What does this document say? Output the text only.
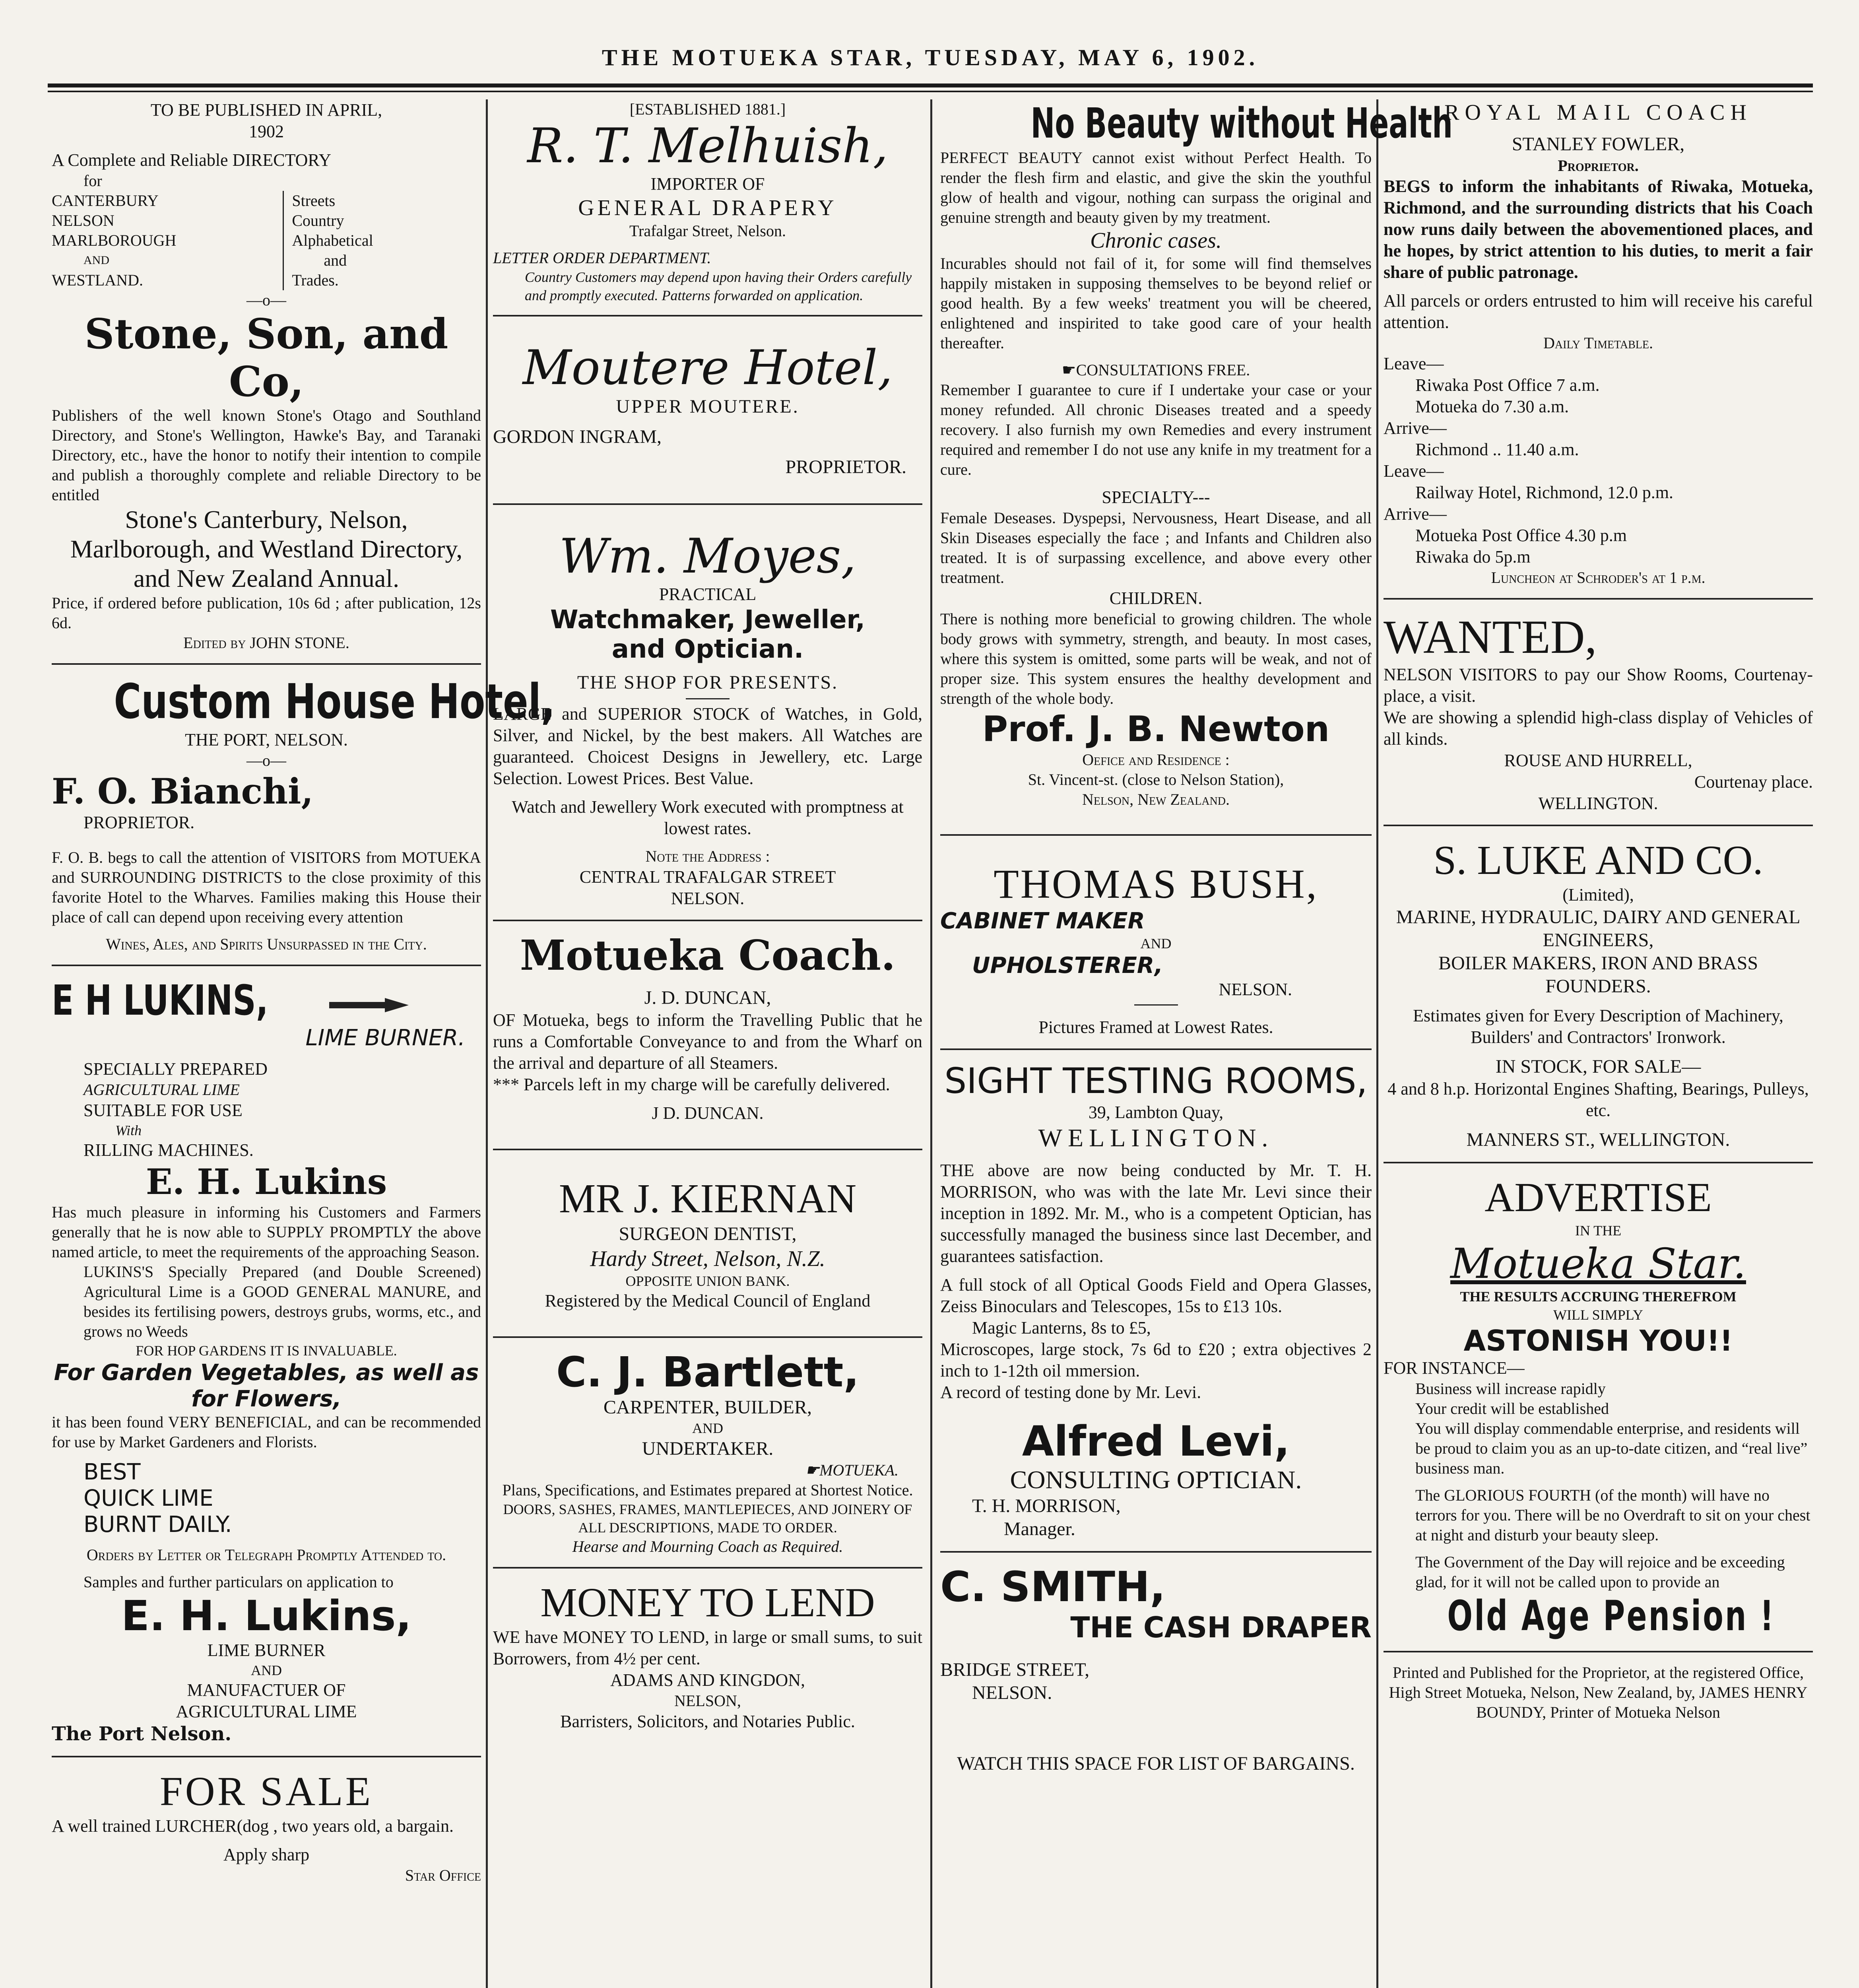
THE MOTUEKA STAR, TUESDAY, MAY 6, 1902.

TO BE PUBLISHED IN APRIL,

1902

A Complete and Reliable DIRECTORY

for

CANTERBURY

NELSON

MARLBOROUGH

AND

WESTLAND.

Streets

Country

Alphabetical

and

Trades.

—o—

Stone, Son, and Co,

Publishers of the well known Stone's Otago and Southland Directory, and Stone's Wellington, Hawke's Bay, and Taranaki Directory, etc., have the honor to notify their intention to compile and publish a thoroughly complete and reliable Directory to be entitled

Stone's Canterbury, Nelson, Marlborough, and Westland Directory, and New Zealand Annual.

Price, if ordered before publication, 10s 6d ; after publication, 12s 6d.

Edited by JOHN STONE.

Custom House Hotel,

THE PORT, NELSON.

—o—

F. O. Bianchi,

PROPRIETOR.

F. O. B. begs to call the attention of VISITORS from MOTUEKA and SURROUNDING DISTRICTS to the close proximity of this favorite Hotel to the Wharves. Families making this House their place of call can depend upon receiving every attention

Wines, Ales, and Spirits Unsurpassed in the City.

E H LUKINS,

LIME BURNER.

SPECIALLY PREPARED

AGRICULTURAL LIME

SUITABLE FOR USE

With

RILLING MACHINES.

E. H. Lukins

Has much pleasure in informing his Customers and Farmers generally that he is now able to SUPPLY PROMPTLY the above named article, to meet the requirements of the approaching Season.

LUKINS'S Specially Prepared (and Double Screened) Agricultural Lime is a GOOD GENERAL MANURE, and besides its fertilising powers, destroys grubs, worms, etc., and grows no Weeds

FOR HOP GARDENS IT IS INVALUABLE.

For Garden Vegetables, as well as for Flowers,

it has been found VERY BENEFICIAL, and can be recommended for use by Market Gardeners and Florists.

BEST

QUICK LIME

BURNT DAILY.

Orders by Letter or Telegraph Promptly Attended to.

Samples and further particulars on application to

E. H. Lukins,

LIME BURNER

AND

MANUFACTUER OF

AGRICULTURAL LIME

The Port Nelson.

FOR SALE

A well trained LURCHER(dog , two years old, a bargain.

Apply sharp

Star Office

[ESTABLISHED 1881.]

R. T. Melhuish,

IMPORTER OF

GENERAL DRAPERY

Trafalgar Street, Nelson.

LETTER ORDER DEPARTMENT.

Country Customers may depend upon having their Orders carefully and promptly executed. Patterns forwarded on application.

Moutere Hotel,

UPPER MOUTERE.

GORDON INGRAM,

PROPRIETOR.

Wm. Moyes,

PRACTICAL

Watchmaker, Jeweller,

and Optician.

THE SHOP FOR PRESENTS.

LARGE and SUPERIOR STOCK of Watches, in Gold, Silver, and Nickel, by the best makers. All Watches are guaranteed. Choicest Designs in Jewellery, etc. Large Selection. Lowest Prices. Best Value.

Watch and Jewellery Work executed with promptness at lowest rates.

Note the Address :

CENTRAL TRAFALGAR STREET

NELSON.

Motueka Coach.

J. D. DUNCAN,

OF Motueka, begs to inform the Travelling Public that he runs a Comfortable Conveyance to and from the Wharf on the arrival and departure of all Steamers.

*** Parcels left in my charge will be carefully delivered.

J D. DUNCAN.

MR J. KIERNAN

SURGEON DENTIST,

Hardy Street, Nelson, N.Z.

OPPOSITE UNION BANK.

Registered by the Medical Council of England

C. J. Bartlett,

CARPENTER, BUILDER,

AND

UNDERTAKER.

☛MOTUEKA.

Plans, Specifications, and Estimates prepared at Shortest Notice.

DOORS, SASHES, FRAMES, MANTLEPIECES, AND JOINERY OF ALL DESCRIPTIONS, MADE TO ORDER.

Hearse and Mourning Coach as Required.

MONEY TO LEND

WE have MONEY TO LEND, in large or small sums, to suit Borrowers, from 4½ per cent.

ADAMS AND KINGDON,

NELSON,

Barristers, Solicitors, and Notaries Public.

No Beauty without Health

PERFECT BEAUTY cannot exist without Perfect Health. To render the flesh firm and elastic, and give the skin the youthful glow of health and vigour, nothing can surpass the original and genuine strength and beauty given by my treatment.

Chronic cases.

Incurables should not fail of it, for some will find themselves happily mistaken in supposing themselves to be beyond relief or good health. By a few weeks' treatment you will be cheered, enlightened and inspirited to take good care of your health thereafter.

☛CONSULTATIONS FREE.

Remember I guarantee to cure if I undertake your case or your money refunded. All chronic Diseases treated and a speedy recovery. I also furnish my own Remedies and every instrument required and remember I do not use any knife in my treatment for a cure.

SPECIALTY---

Female Deseases. Dyspepsi, Nervousness, Heart Disease, and all Skin Diseases especially the face ; and Infants and Children also treated. It is of surpassing excellence, and above every other treatment.

CHILDREN.

There is nothing more beneficial to growing children. The whole body grows with symmetry, strength, and beauty. In most cases, where this system is omitted, some parts will be weak, and not of proper size. This system ensures the healthy development and strength of the whole body.

Prof. J. B. Newton

Oefice and Residence :

St. Vincent-st. (close to Nelson Station),

Nelson, New Zealand.

THOMAS BUSH,

CABINET MAKER

AND

UPHOLSTERER,

NELSON.

Pictures Framed at Lowest Rates.

SIGHT TESTING ROOMS,

39, Lambton Quay,

WELLINGTON.

THE above are now being conducted by Mr. T. H. MORRISON, who was with the late Mr. Levi since their inception in 1892. Mr. M., who is a competent Optician, has successfully managed the business since last December, and guarantees satisfaction.

A full stock of all Optical Goods Field and Opera Glasses, Zeiss Binoculars and Telescopes, 15s to £13 10s.

Magic Lanterns, 8s to £5,

Microscopes, large stock, 7s 6d to £20 ; extra objectives 2 inch to 1-12th oil mmersion.

A record of testing done by Mr. Levi.

Alfred Levi,

CONSULTING OPTICIAN.

T. H. MORRISON,

Manager.

C. SMITH,

THE CASH DRAPER

BRIDGE STREET,

NELSON.

WATCH THIS SPACE FOR LIST OF BARGAINS.

ROYAL MAIL COACH

STANLEY FOWLER,

Proprietor.

BEGS to inform the inhabitants of Riwaka, Motueka, Richmond, and the surrounding districts that his Coach now runs daily between the abovementioned places, and he hopes, by strict attention to his duties, to merit a fair share of public patronage.

All parcels or orders entrusted to him will receive his careful attention.

Daily Timetable.

Leave—

Riwaka Post Office 7 a.m.

Motueka do 7.30 a.m.

Arrive—

Richmond .. 11.40 a.m.

Leave—

Railway Hotel, Richmond, 12.0 p.m.

Arrive—

Motueka Post Office 4.30 p.m

Riwaka do 5p.m

Luncheon at Schroder's at 1 p.m.

WANTED,

NELSON VISITORS to pay our Show Rooms, Courtenay-place, a visit.

We are showing a splendid high-class display of Vehicles of all kinds.

ROUSE AND HURRELL,

Courtenay place.

WELLINGTON.

S. LUKE AND CO.

(Limited),

MARINE, HYDRAULIC, DAIRY AND GENERAL ENGINEERS,

BOILER MAKERS, IRON AND BRASS FOUNDERS.

Estimates given for Every Description of Machinery,

Builders' and Contractors' Ironwork.

IN STOCK, FOR SALE—

4 and 8 h.p. Horizontal Engines Shafting, Bearings, Pulleys, etc.

MANNERS ST., WELLINGTON.

ADVERTISE

IN THE

Motueka Star.

THE RESULTS ACCRUING THEREFROM

WILL SIMPLY

ASTONISH YOU!!

FOR INSTANCE—

Business will increase rapidly

Your credit will be established

You will display commendable enterprise, and residents will be proud to claim you as an up-to-date citizen, and “real live” business man.

The GLORIOUS FOURTH (of the month) will have no terrors for you. There will be no Overdraft to sit on your chest at night and disturb your beauty sleep.

The Government of the Day will rejoice and be exceeding glad, for it will not be called upon to provide an

Old Age Pension !

Printed and Published for the Proprietor, at the registered Office, High Street Motueka, Nelson, New Zealand, by, JAMES HENRY BOUNDY, Printer of Motueka Nelson
